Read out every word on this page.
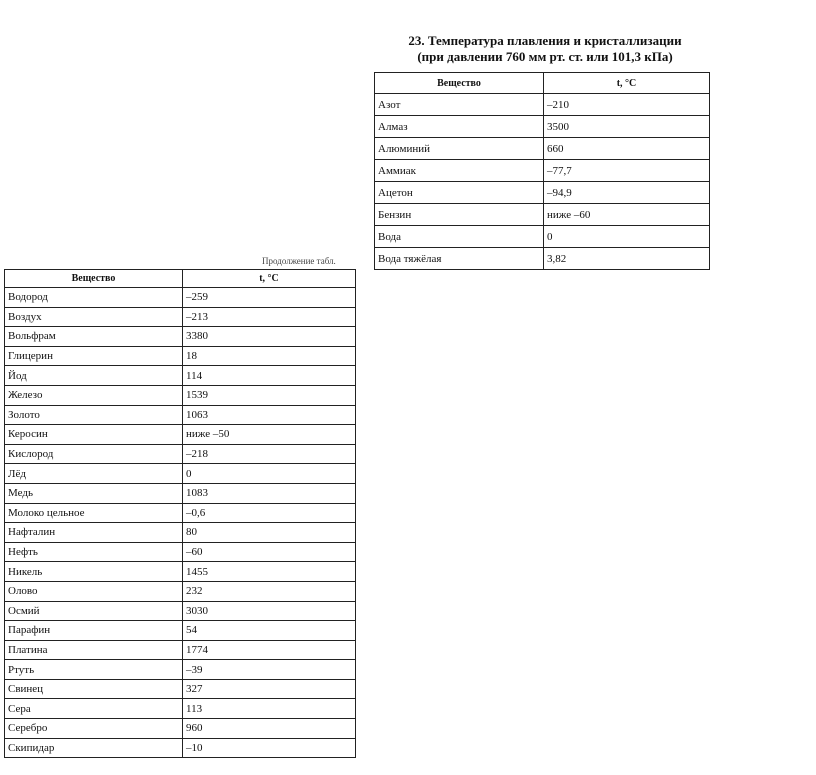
23. Температура плавления и кристаллизации
(при давлении 760 мм рт. ст. или 101,3 кПа)
Вещество	t, °C
Азот	–210
Алмаз	3500
Алюминий	660
Аммиак	–77,7
Ацетон	–94,9
Бензин	ниже –60
Вода	0
Вода тяжёлая	3,82
Продолжение табл.
Вещество	t, °C
Водород	–259
Воздух	–213
Вольфрам	3380
Глицерин	18
Йод	114
Железо	1539
Золото	1063
Керосин	ниже –50
Кислород	–218
Лёд	0
Медь	1083
Молоко цельное	–0,6
Нафталин	80
Нефть	–60
Никель	1455
Олово	232
Осмий	3030
Парафин	54
Платина	1774
Ртуть	–39
Свинец	327
Сера	113
Серебро	960
Скипидар	–10
